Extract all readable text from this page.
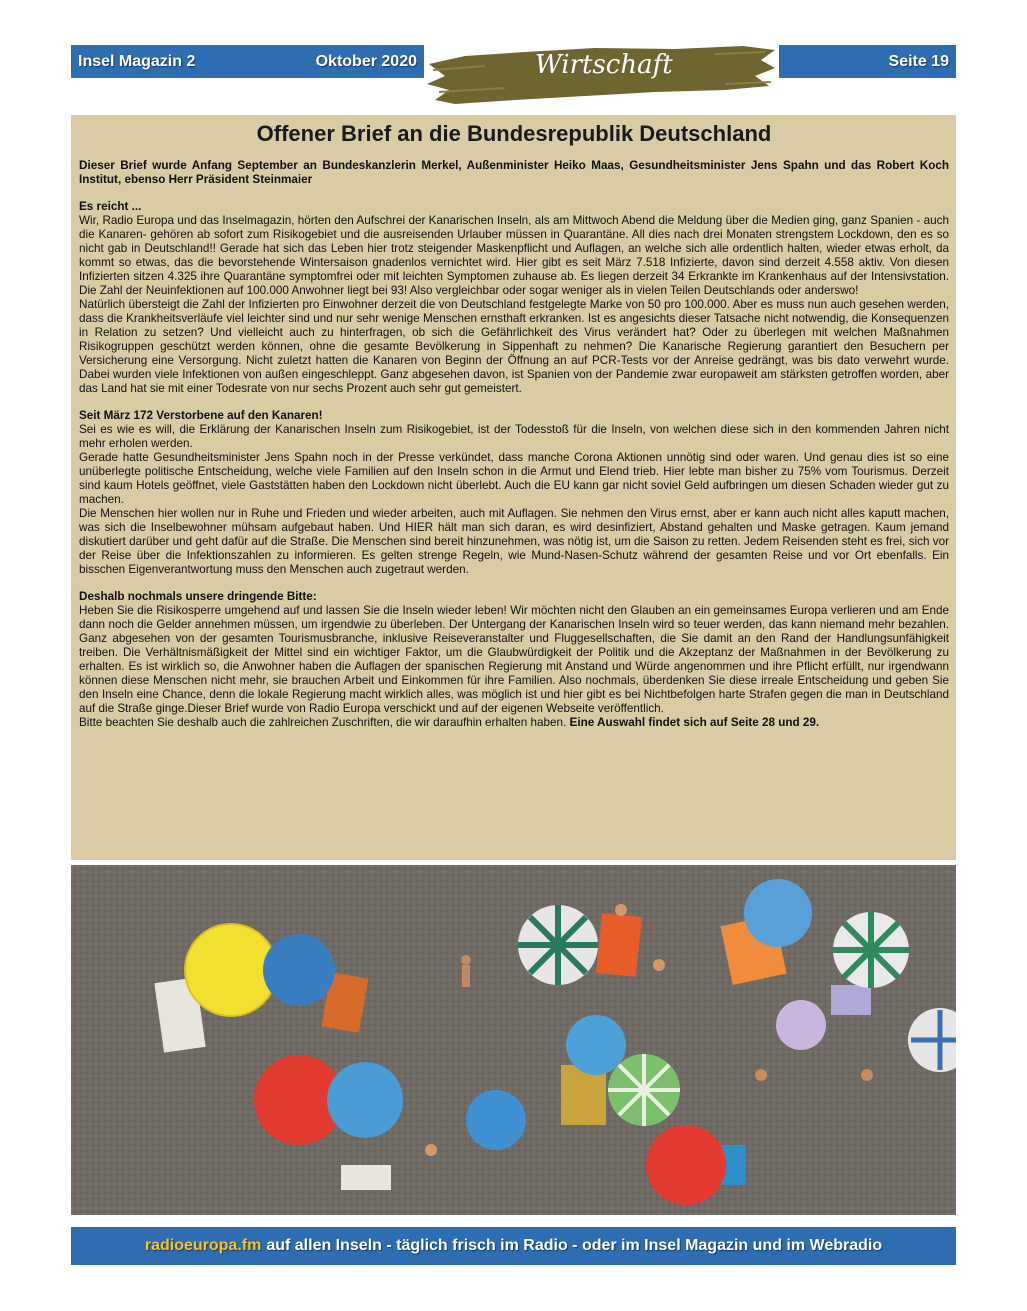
Insel Magazin 2	Oktober 2020	Wirtschaft	Seite 19
Offener Brief an die Bundesrepublik Deutschland

Dieser Brief wurde Anfang September an Bundeskanzlerin Merkel, Außenminister Heiko Maas, Gesundheitsminister Jens Spahn und das Robert Koch Institut, ebenso Herr Präsident Steinmaier

Es reicht ...

Wir, Radio Europa und das Inselmagazin, hörten den Aufschrei der Kanarischen Inseln, als am Mittwoch Abend die Meldung über die Medien ging, ganz Spanien - auch die Kanaren- gehören ab sofort zum Risikogebiet und die ausreisenden Urlauber müssen in Quarantäne. All dies nach drei Monaten strengstem Lockdown, den es so nicht gab in Deutschland!! Gerade hat sich das Leben hier trotz steigender Maskenpflicht und Auflagen, an welche sich alle ordentlich halten, wieder etwas erholt, da kommt so etwas, das die bevorstehende Wintersaison gnadenlos vernichtet wird. Hier gibt es seit März 7.518 Infizierte, davon sind derzeit 4.558 aktiv. Von diesen Infizierten sitzen 4.325 ihre Quarantäne symptomfrei oder mit leichten Symptomen zuhause ab. Es liegen derzeit 34 Erkrankte im Krankenhaus auf der Intensivstation. Die Zahl der Neuinfektionen auf 100.000 Anwohner liegt bei 93! Also vergleichbar oder sogar weniger als in vielen Teilen Deutschlands oder anderswo!

Natürlich übersteigt die Zahl der Infizierten pro Einwohner derzeit die von Deutschland festgelegte Marke von 50 pro 100.000. Aber es muss nun auch gesehen werden, dass die Krankheitsverläufe viel leichter sind und nur sehr wenige Menschen ernsthaft erkranken. Ist es angesichts dieser Tatsache nicht notwendig, die Konsequenzen in Relation zu setzen? Und vielleicht auch zu hinterfragen, ob sich die Gefährlichkeit des Virus verändert hat? Oder zu überlegen mit welchen Maßnahmen Risikogruppen geschützt werden können, ohne die gesamte Bevölkerung in Sippenhaft zu nehmen? Die Kanarische Regierung garantiert den Besuchern per Versicherung eine Versorgung. Nicht zuletzt hatten die Kanaren von Beginn der Öffnung an auf PCR-Tests vor der Anreise gedrängt, was bis dato verwehrt wurde. Dabei wurden viele Infektionen von außen eingeschleppt. Ganz abgesehen davon, ist Spanien von der Pandemie zwar europaweit am stärksten getroffen worden, aber das Land hat sie mit einer Todesrate von nur sechs Prozent auch sehr gut gemeistert.

Seit März 172 Verstorbene auf den Kanaren!

Sei es wie es will, die Erklärung der Kanarischen Inseln zum Risikogebiet, ist der Todesstoß für die Inseln, von welchen diese sich in den kommenden Jahren nicht mehr erholen werden.

Gerade hatte Gesundheitsminister Jens Spahn noch in der Presse verkündet, dass manche Corona Aktionen unnötig sind oder waren. Und genau dies ist so eine unüberlegte politische Entscheidung, welche viele Familien auf den Inseln schon in die Armut und Elend trieb. Hier lebte man bisher zu 75% vom Tourismus. Derzeit sind kaum Hotels geöffnet, viele Gaststätten haben den Lockdown nicht überlebt. Auch die EU kann gar nicht soviel Geld aufbringen um diesen Schaden wieder gut zu machen.

Die Menschen hier wollen nur in Ruhe und Frieden und wieder arbeiten, auch mit Auflagen. Sie nehmen den Virus ernst, aber er kann auch nicht alles kaputt machen, was sich die Inselbewohner mühsam aufgebaut haben. Und HIER hält man sich daran, es wird desinfiziert, Abstand gehalten und Maske getragen. Kaum jemand diskutiert darüber und geht dafür auf die Straße. Die Menschen sind bereit hinzunehmen, was nötig ist, um die Saison zu retten. Jedem Reisenden steht es frei, sich vor der Reise über die Infektionszahlen zu informieren. Es gelten strenge Regeln, wie Mund-Nasen-Schutz während der gesamten Reise und vor Ort ebenfalls. Ein bisschen Eigenverantwortung muss den Menschen auch zugetraut werden.

Deshalb nochmals unsere dringende Bitte:

Heben Sie die Risikosperre umgehend auf und lassen Sie die Inseln wieder leben! Wir möchten nicht den Glauben an ein gemeinsames Europa verlieren und am Ende dann noch die Gelder annehmen müssen, um irgendwie zu überleben. Der Untergang der Kanarischen Inseln wird so teuer werden, das kann niemand mehr bezahlen. Ganz abgesehen von der gesamten Tourismusbranche, inklusive Reiseveranstalter und Fluggesellschaften, die Sie damit an den Rand der Handlungsunfähigkeit treiben. Die Verhältnismäßigkeit der Mittel sind ein wichtiger Faktor, um die Glaubwürdigkeit der Politik und die Akzeptanz der Maßnahmen in der Bevölkerung zu erhalten. Es ist wirklich so, die Anwohner haben die Auflagen der spanischen Regierung mit Anstand und Würde angenommen und ihre Pflicht erfüllt, nur irgendwann können diese Menschen nicht mehr, sie brauchen Arbeit und Einkommen für ihre Familien. Also nochmals, überdenken Sie diese irreale Entscheidung und geben Sie den Inseln eine Chance, denn die lokale Regierung macht wirklich alles, was möglich ist und hier gibt es bei Nichtbefolgen harte Strafen gegen die man in Deutschland auf die Straße ginge.Dieser Brief wurde von Radio Europa verschickt und auf der eigenen Webseite veröffentlich.

Bitte beachten Sie deshalb auch die zahlreichen Zuschriften, die wir daraufhin erhalten haben. Eine Auswahl findet sich auf Seite 28 und 29.

radioeuropa.fm auf allen Inseln - täglich frisch im Radio - oder im Insel Magazin und im Webradio
